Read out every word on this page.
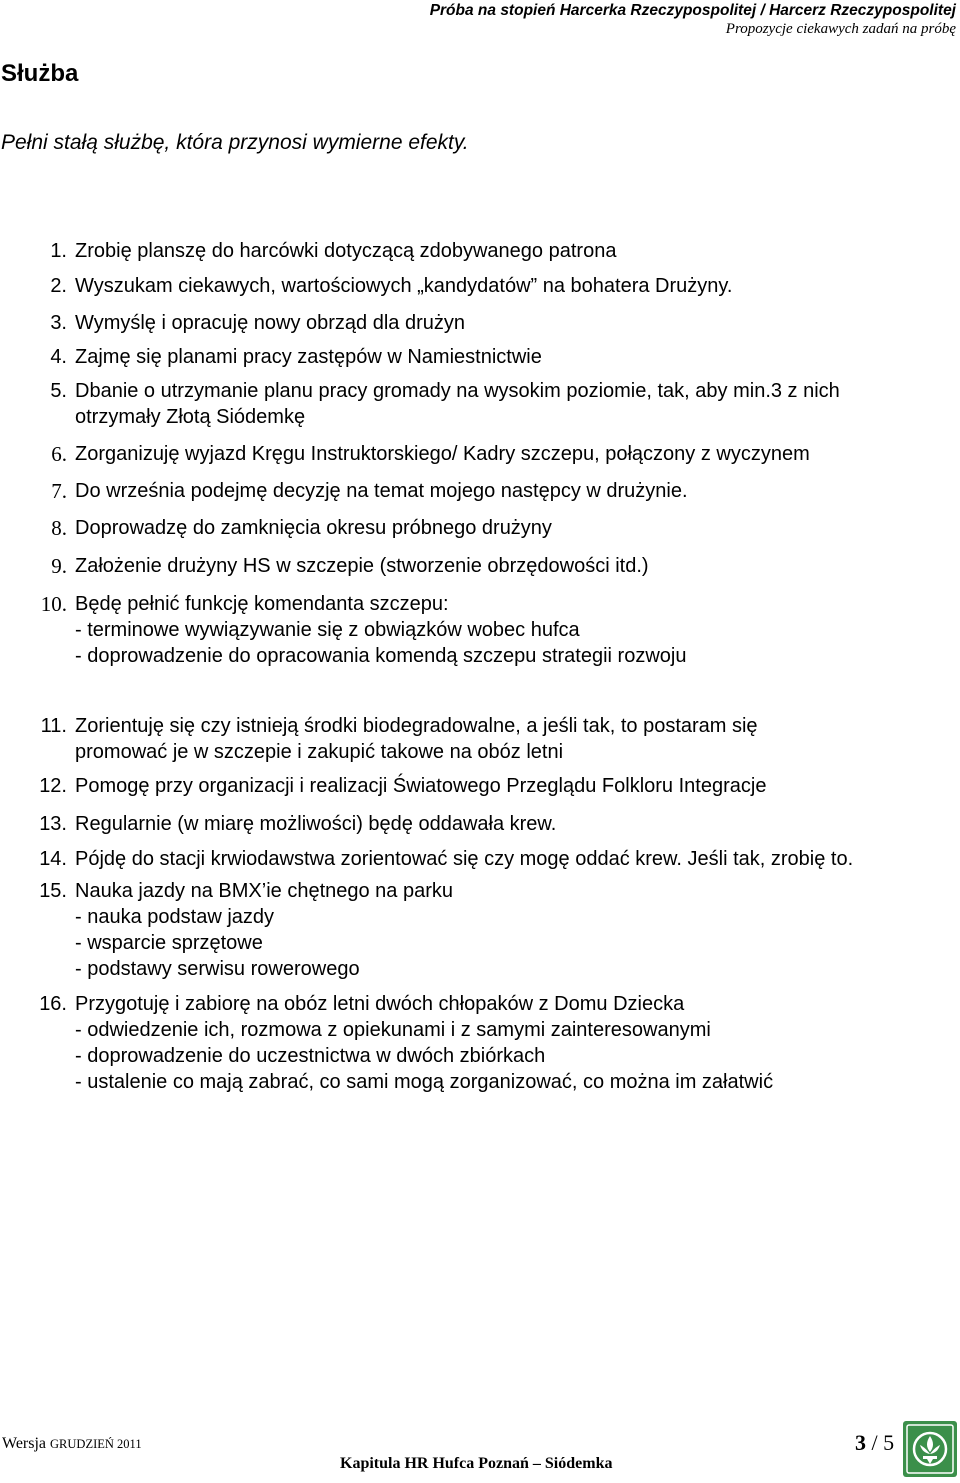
Próba na stopień Harcerka Rzeczypospolitej / Harcerz Rzeczypospolitej
Propozycje ciekawych zadań na próbę
Służba
Pełni stałą służbę, która przynosi wymierne efekty.
1. Zrobię planszę do harcówki dotyczącą zdobywanego patrona
2. Wyszukam ciekawych, wartościowych „kandydatów” na bohatera Drużyny.
3. Wymyślę i opracuję nowy obrząd dla drużyn
4. Zajmę się planami pracy zastępów w Namiestnictwie
5. Dbanie o utrzymanie planu pracy gromady na wysokim poziomie, tak, aby min.3 z nich
otrzymały Złotą Siódemkę
6. Zorganizuję wyjazd Kręgu Instruktorskiego/ Kadry szczepu, połączony z wyczynem
7. Do września podejmę decyzję na temat mojego następcy w drużynie.
8. Doprowadzę do zamknięcia okresu próbnego drużyny
9. Założenie drużyny HS w szczepie (stworzenie obrzędowości itd.)
10. Będę pełnić funkcję komendanta szczepu:
- terminowe wywiązywanie się z obwiązków wobec hufca
- doprowadzenie do opracowania komendą szczepu strategii rozwoju
11. Zorientuję się czy istnieją środki biodegradowalne, a jeśli tak, to postaram się
promować je w szczepie i zakupić takowe na obóz letni
12. Pomogę przy organizacji i realizacji Światowego Przeglądu Folkloru Integracje
13. Regularnie (w miarę możliwości) będę oddawała krew.
14. Pójdę do stacji krwiodawstwa zorientować się czy mogę oddać krew. Jeśli tak, zrobię to.
15. Nauka jazdy na BMX’ie chętnego na parku
- nauka podstaw jazdy
- wsparcie sprzętowe
- podstawy serwisu rowerowego
16. Przygotuję i zabiorę na obóz letni dwóch chłopaków z Domu Dziecka
- odwiedzenie ich, rozmowa z opiekunami i z samymi zainteresowanymi
- doprowadzenie do uczestnictwa w dwóch zbiórkach
- ustalenie co mają zabrać, co sami mogą zorganizować, co można im załatwić
Wersja GRUDZIEŃ 2011
Kapitula HR Hufca Poznań – Siódemka
3 / 5
